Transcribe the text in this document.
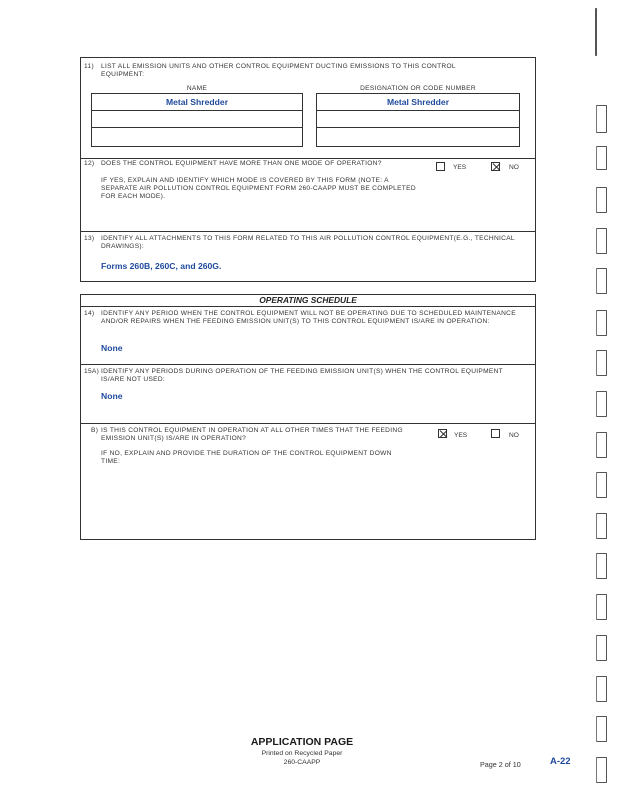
11) LIST ALL EMISSION UNITS AND OTHER CONTROL EQUIPMENT DUCTING EMISSIONS TO THIS CONTROL EQUIPMENT:
NAME	DESIGNATION OR CODE NUMBER
Metal Shredder	Metal Shredder
12) DOES THE CONTROL EQUIPMENT HAVE MORE THAN ONE MODE OF OPERATION?
YES	NO
IF YES, EXPLAIN AND IDENTIFY WHICH MODE IS COVERED BY THIS FORM (NOTE: A SEPARATE AIR POLLUTION CONTROL EQUIPMENT FORM 260-CAAPP MUST BE COMPLETED FOR EACH MODE).
13) IDENTIFY ALL ATTACHMENTS TO THIS FORM RELATED TO THIS AIR POLLUTION CONTROL EQUIPMENT(E.G., TECHNICAL DRAWINGS):
Forms 260B, 260C, and 260G.
OPERATING SCHEDULE
14) IDENTIFY ANY PERIOD WHEN THE CONTROL EQUIPMENT WILL NOT BE OPERATING DUE TO SCHEDULED MAINTENANCE AND/OR REPAIRS WHEN THE FEEDING EMISSION UNIT(S) TO THIS CONTROL EQUIPMENT IS/ARE IN OPERATION:
None
15A) IDENTIFY ANY PERIODS DURING OPERATION OF THE FEEDING EMISSION UNIT(S) WHEN THE CONTROL EQUIPMENT IS/ARE NOT USED:
None
B) IS THIS CONTROL EQUIPMENT IN OPERATION AT ALL OTHER TIMES THAT THE FEEDING EMISSION UNIT(S) IS/ARE IN OPERATION?	YES	NO
IF NO, EXPLAIN AND PROVIDE THE DURATION OF THE CONTROL EQUIPMENT DOWN TIME:
APPLICATION PAGE
Printed on Recycled Paper
260-CAAPP	Page 2 of 10	A-22
